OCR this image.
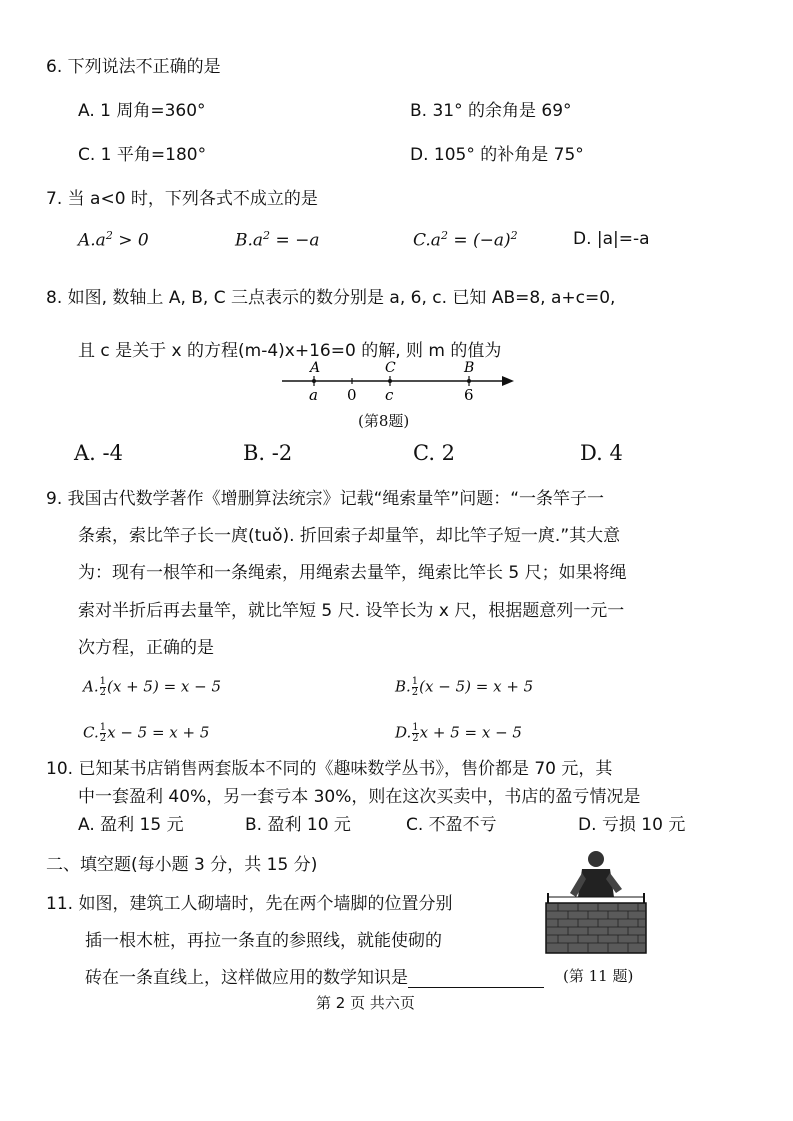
6. 下列说法不正确的是
A. 1 周角=360°	B. 31° 的余角是 69°
C. 1 平角=180°	D. 105° 的补角是 75°
7. 当 a<0 时，下列各式不成立的是
$A.a^2 > 0$	$B.a^2 = -a$	$C.a^2 = (-a)^2$	D. |a|=-a
8. 如图, 数轴上 A, B, C 三点表示的数分别是 a, 6, c. 已知 AB=8, a+c=0,
且 c 是关于 x 的方程(m-4)x+16=0 的解, 则 m 的值为
A	C	B
a 0 c	6
(第8题)
A. -4	B. -2	C. 2	D. 4
9. 我国古代数学著作《增删算法统宗》记载“绳索量竿”问题：“一条竿子一
条索，索比竿子长一庹(tuǒ). 折回索子却量竿，却比竿子短一庹.”其大意
为：现有一根竿和一条绳索，用绳索去量竿，绳索比竿长 5 尺；如果将绳
索对半折后再去量竿，就比竿短 5 尺. 设竿长为 x 尺，根据题意列一元一
次方程，正确的是
A. $\frac{1}{2} (x + 5) = x - 5$	B. $\frac{1}{2} (x - 5) = x + 5$
C. $\frac{1}{2}$ x − 5 = x + 5	D. $\frac{1}{2}$ x + 5 = x − 5
10. 已知某书店销售两套版本不同的《趣味数学丛书》，售价都是 70 元，其
中一套盈利 40%，另一套亏本 30%，则在这次买卖中，书店的盈亏情况是
A. 盈利 15 元	B. 盈利 10 元	C. 不盈不亏	D. 亏损 10 元
二、填空题(每小题 3 分，共 15 分)
11. 如图，建筑工人砌墙时，先在两个墙脚的位置分别
插一根木桩，再拉一条直的参照线，就能使砌的
砖在一条直线上，这样做应用的数学知识是	(第 11 题)
第 2 页 共六页
